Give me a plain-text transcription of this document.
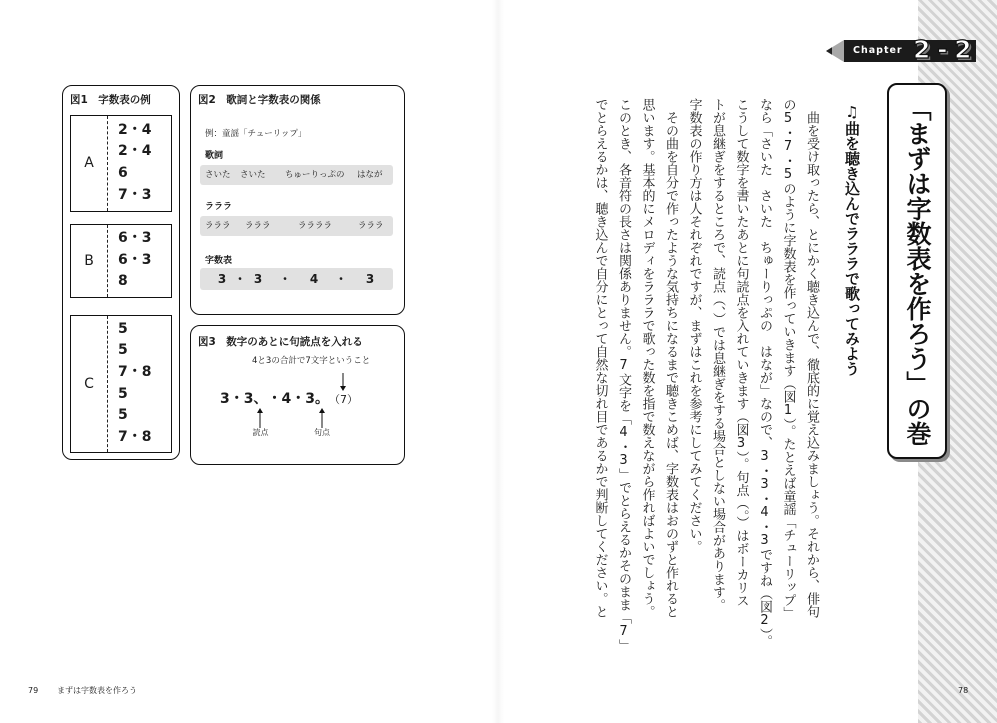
図1　字数表の例
A
2・4
2・4
6
7・3
B
6・3
6・3
8
C
5
5
7・8
5
5
7・8
図2　歌詞と字数表の関係
例：童謡「チューリップ」
歌詞
さいた さいた ちゅーりっぷの はなが
ラララ
ラララ ラララ	ララララ	ラララ
字数表
3 ・ 3 ・ 4 ・ 3
図3　数字のあとに句読点を入れる
4と3の合計で7文字ということ
3・3 、
読点
・4・3 。
句点
（7）
79 まずは字数表を作ろう
Chapter 2 - 2
「まずは字数表を作ろう」の巻
♫曲を聴き込んでラララで歌ってみよう
曲を受け取ったら、とにかく聴き込んで、徹底的に覚え込みましょう。それから、俳句
の5・7・5のように字数表を作っていきます（図1）。たとえば童謡「チューリップ」
なら「さいた　さいた　ちゅーりっぷの　はなが」なので、3・3・4・3ですね（図2）。
こうして数字を書いたあとに句読点を入れていきます（図3）。句点（。）はボーカリス
トが息継ぎをするところで、読点（、）では息継ぎをする場合としない場合があります。
字数表の作り方は人それぞれですが、まずはこれを参考にしてみてください。
その曲を自分で作ったような気持ちになるまで聴きこめば、字数表はおのずと作れると
思います。基本的にメロディをラララで歌った数を指で数えながら作ればよいでしょう。
このとき、各音符の長さは関係ありません。7文字を「4・3」でとらえるかそのまま「7」
でとらえるかは、聴き込んで自分にとって自然な切れ目であるかで判断してください。と
78
